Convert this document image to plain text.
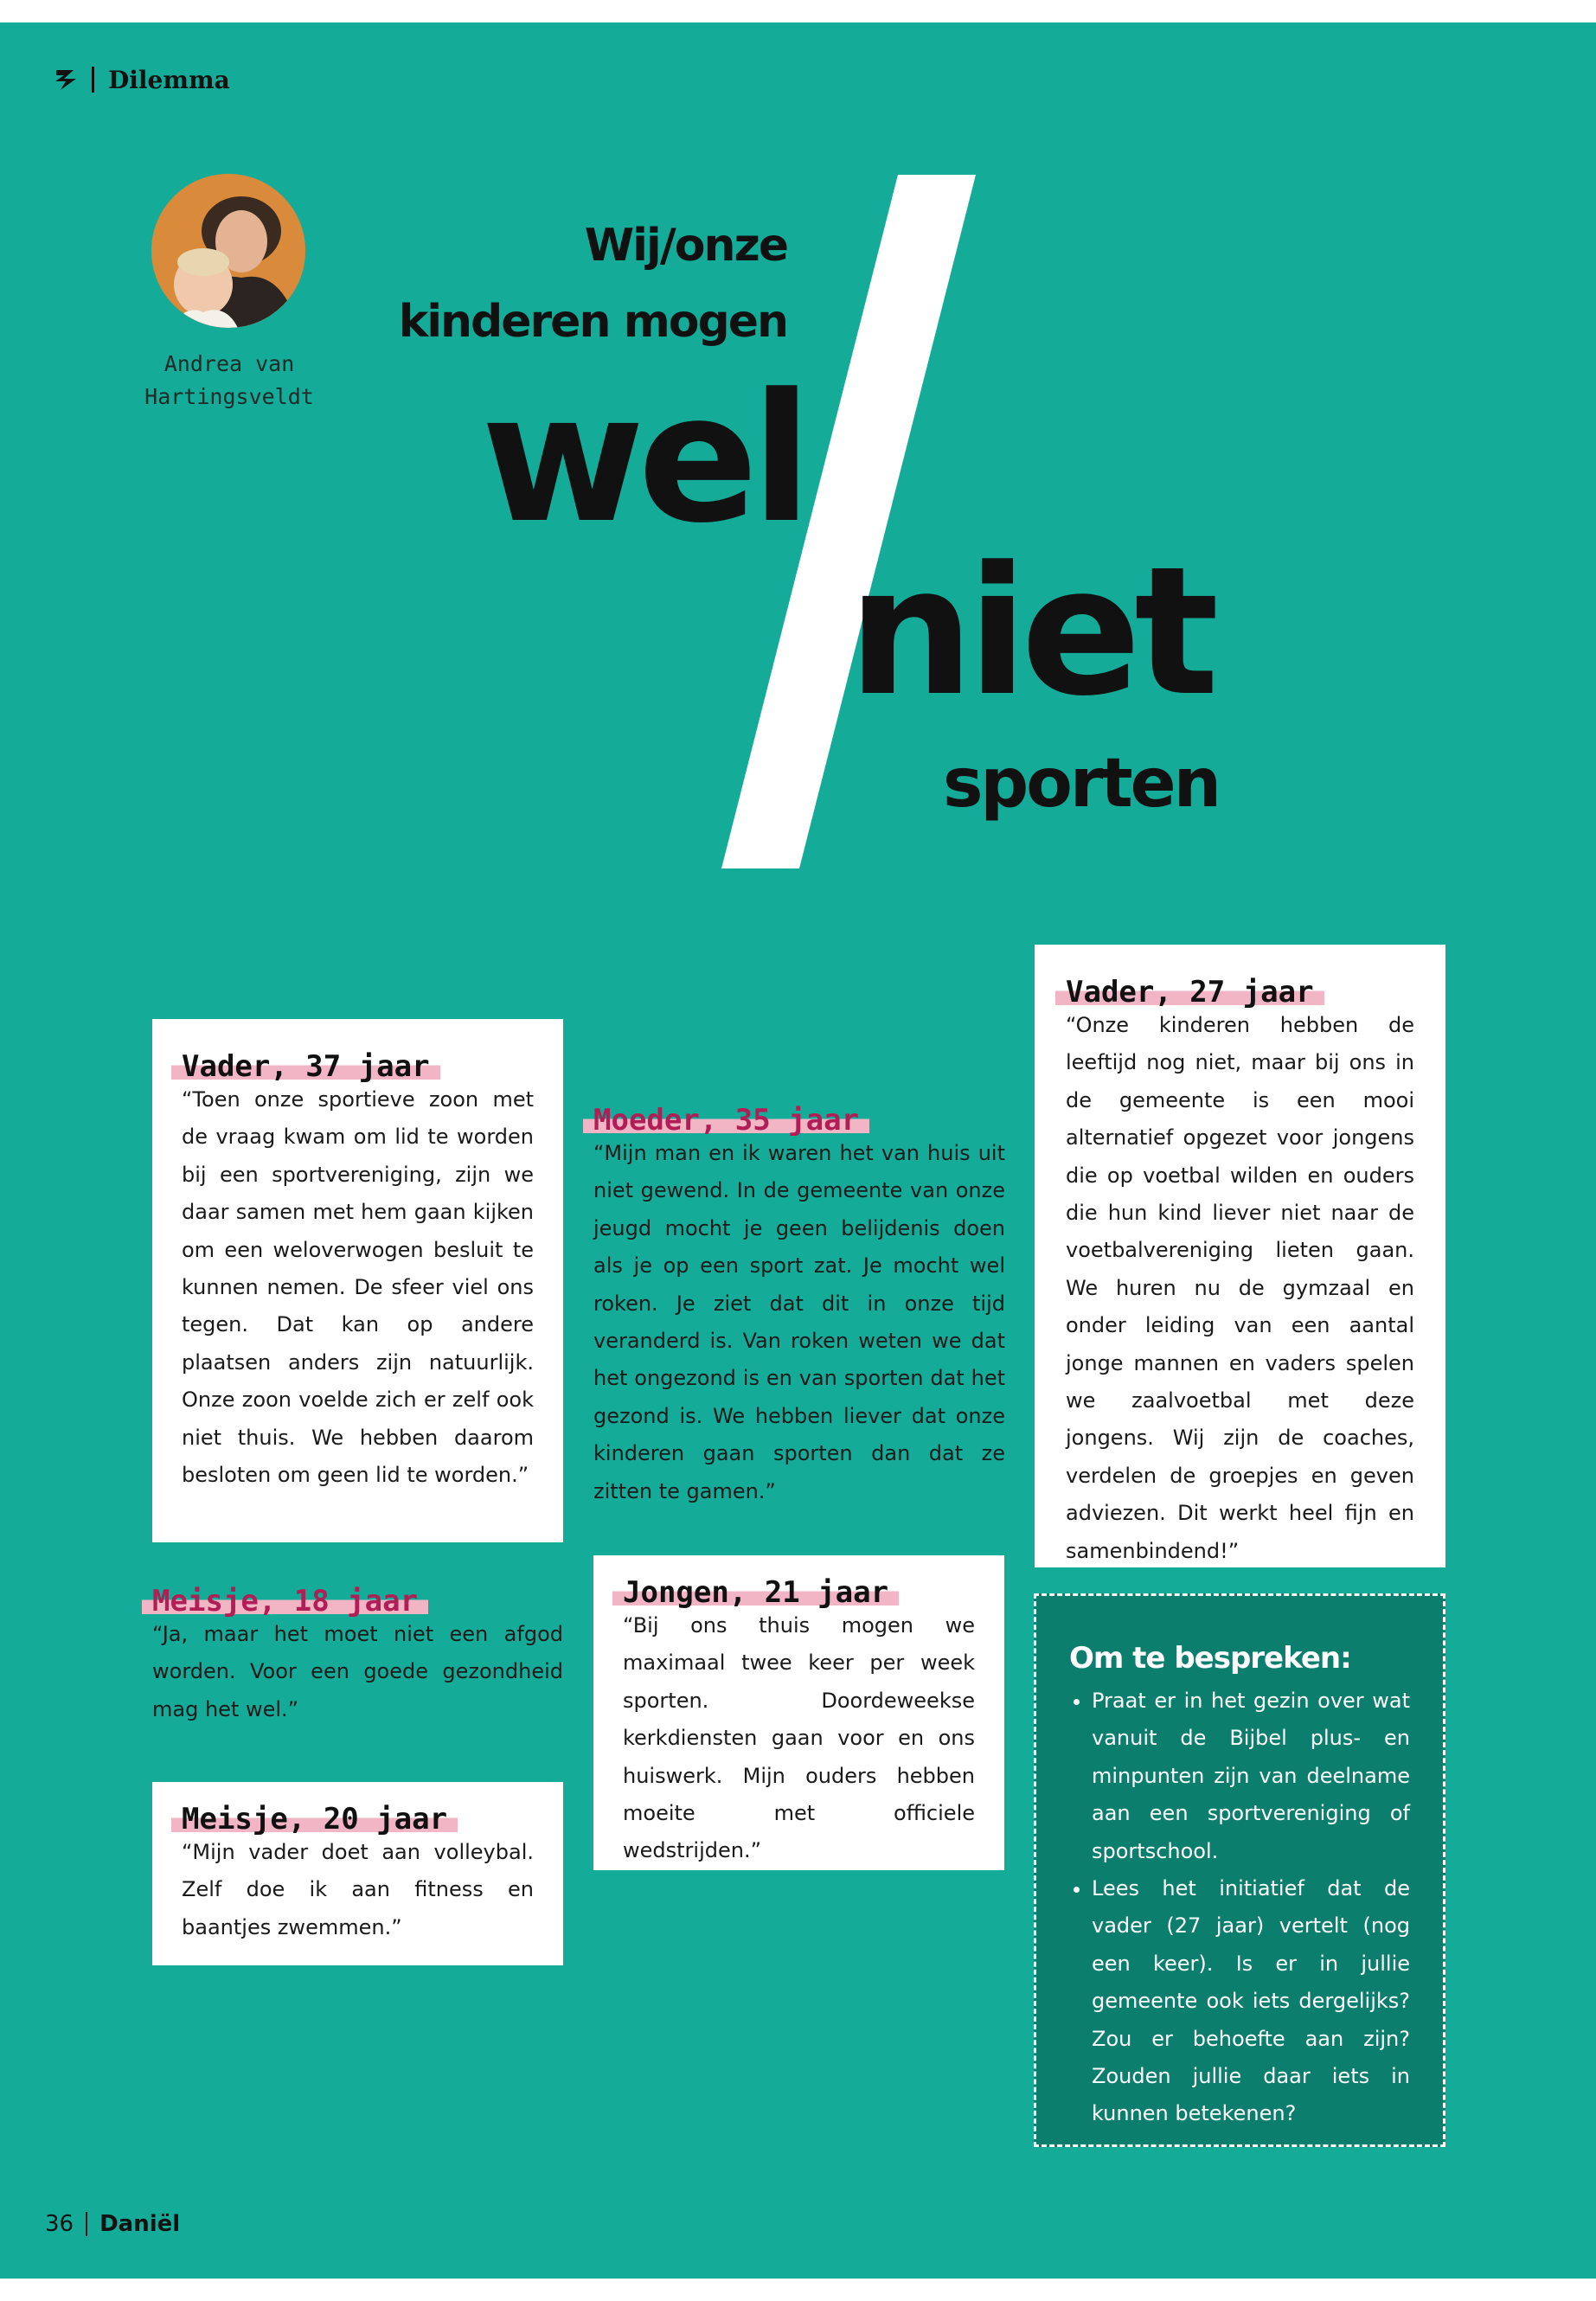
Dilemma
Andrea van
Hartingsveldt
Wij/onze
kinderen mogen
wel
niet
sporten
Vader, 37 jaar

“Toen onze sportieve zoon met de vraag kwam om lid te worden bij een sportvereniging, zijn we daar samen met hem gaan kijken om een weloverwogen besluit te kunnen nemen. De sfeer viel ons tegen. Dat kan op andere plaatsen anders zijn natuurlijk. Onze zoon voelde zich er zelf ook niet thuis. We hebben daarom besloten om geen lid te worden.”

Moeder, 35 jaar

“Mijn man en ik waren het van huis uit niet gewend. In de gemeente van onze jeugd mocht je geen belijdenis doen als je op een sport zat. Je mocht wel roken. Je ziet dat dit in onze tijd veranderd is. Van roken weten we dat het ongezond is en van sporten dat het gezond is. We hebben liever dat onze kinderen gaan sporten dan dat ze zitten te gamen.”

Vader, 27 jaar

“Onze kinderen hebben de leeftijd nog niet, maar bij ons in de gemeente is een mooi alternatief opgezet voor jongens die op voetbal wilden en ouders die hun kind liever niet naar de voetbalvereniging lieten gaan. We huren nu de gymzaal en onder leiding van een aantal jonge mannen en vaders spelen we zaalvoetbal met deze jongens. Wij zijn de coaches, verdelen de groepjes en geven adviezen. Dit werkt heel fijn en samenbindend!”

Meisje, 18 jaar

“Ja, maar het moet niet een afgod worden. Voor een goede gezondheid mag het wel.”

Meisje, 20 jaar

“Mijn vader doet aan volleybal. Zelf doe ik aan fitness en baantjes zwemmen.”

Jongen, 21 jaar

“Bij ons thuis mogen we maximaal twee keer per week sporten. Doordeweekse kerkdiensten gaan voor en ons huiswerk. Mijn ouders hebben moeite met officiele wedstrijden.”

Om te bespreken:
• Praat er in het gezin over wat vanuit de Bijbel plus- en minpunten zijn van deelname aan een sportvereniging of sportschool.
• Lees het initiatief dat de vader (27 jaar) vertelt (nog een keer). Is er in jullie gemeente ook iets dergelijks? Zou er behoefte aan zijn? Zouden jullie daar iets in kunnen betekenen?
36 Daniël
